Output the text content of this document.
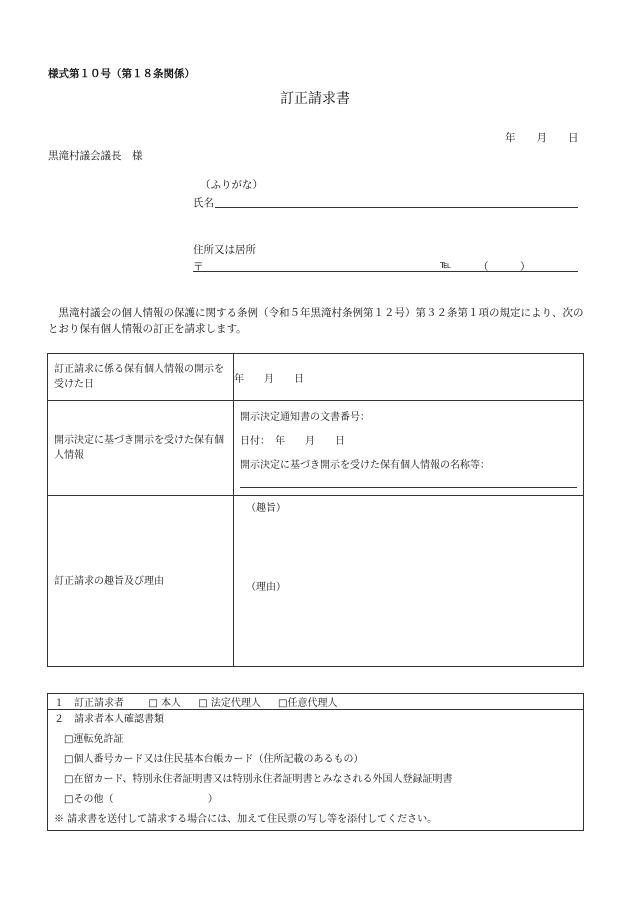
様式第１０号（第１８条関係）
訂正請求書
年　　月　　日
黒滝村議会議長　様
（ふりがな）
氏名
住所又は居所
〒	℡	（　　　）
　黒滝村議会の個人情報の保護に関する条例（令和５年黒滝村条例第１２号）第３２条第１項の規定により、次のとおり保有個人情報の訂正を請求します。
訂正請求に係る保有個人情報の開示を受けた日	年　　月　　日
開示決定に基づき開示を受けた保有個人情報	開示決定通知書の文書番号：
日付：　年　　月　　日
開示決定に基づき開示を受けた保有個人情報の名称等：

訂正請求の趣旨及び理由	（趣旨）
（理由）
１　訂正請求者 □ 本人 □ 法定代理人 □任意代理人

２　請求者本人確認書類
□運転免許証
□個人番号カード又は住民基本台帳カード（住所記載のあるもの）
□在留カード、特別永住者証明書又は特別永住者証明書とみなされる外国人登録証明書
□その他（	）
※ 請求書を送付して請求する場合には、加えて住民票の写し等を添付してください。
